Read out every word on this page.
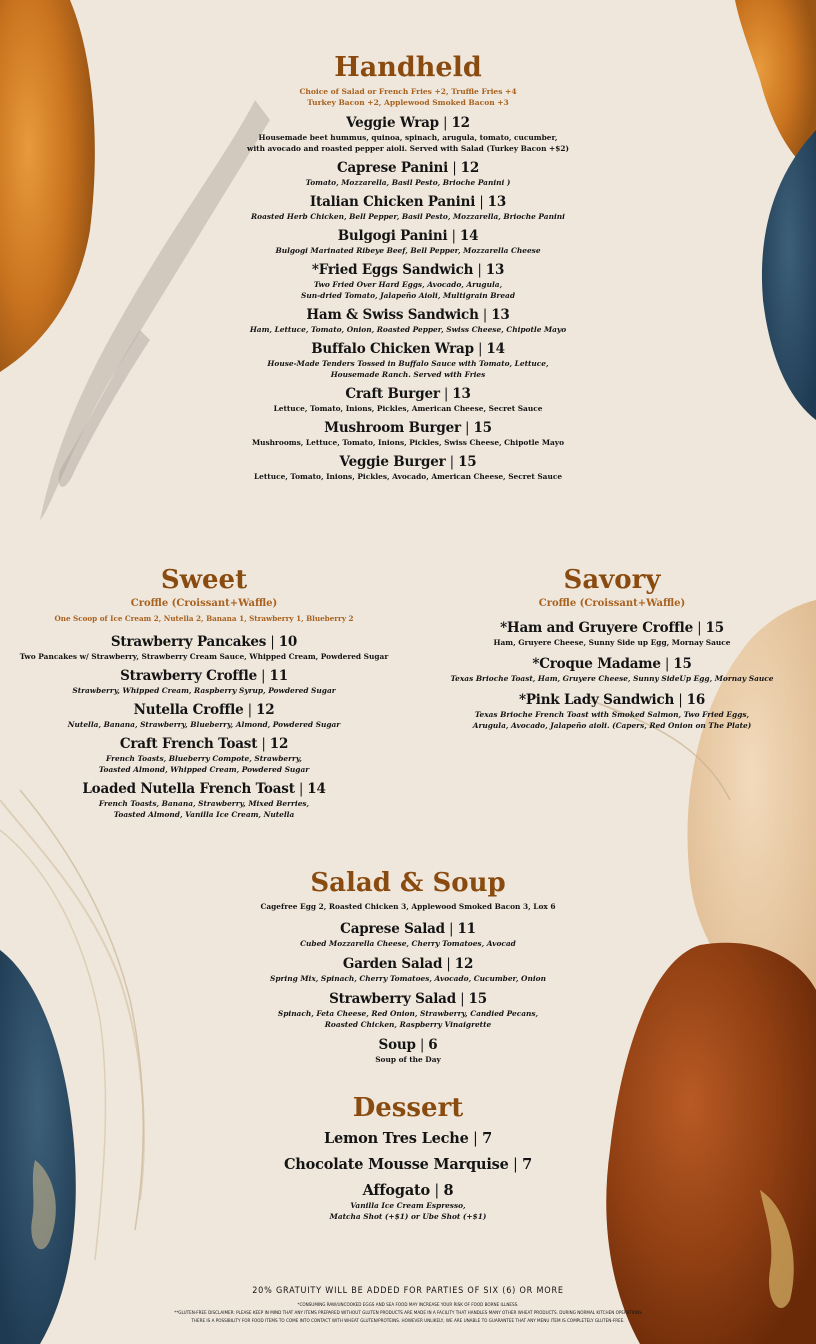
Handheld
Choice of Salad or French Fries +2, Truffle Fries +4
Turkey Bacon +2, Applewood Smoked Bacon +3
Veggie Wrap | 12
Housemade beet hummus, quinoa, spinach, arugula, tomato, cucumber,
with avocado and roasted pepper aioli. Served with Salad (Turkey Bacon +$2)
Caprese Panini | 12
Tomato, Mozzarella, Basil Pesto, Brioche Panini )
Italian Chicken Panini | 13
Roasted Herb Chicken, Bell Pepper, Basil Pesto, Mozzarella, Brioche Panini
Bulgogi Panini | 14
Bulgogi Marinated Ribeye Beef, Bell Pepper, Mozzarella Cheese
*Fried Eggs Sandwich | 13
Two Fried Over Hard Eggs, Avocado, Arugula,
Sun-dried Tomato, Jalapeño Aioli, Multigrain Bread
Ham & Swiss Sandwich | 13
Ham, Lettuce, Tomato, Onion, Roasted Pepper, Swiss Cheese, Chipotle Mayo
Buffalo Chicken Wrap | 14
House-Made Tenders Tossed in Buffalo Sauce with Tomato, Lettuce,
Housemade Ranch. Served with Fries
Craft Burger | 13
Lettuce, Tomato, Inions, Pickles, American Cheese, Secret Sauce
Mushroom Burger | 15
Mushrooms, Lettuce, Tomato, Inions, Pickles, Swiss Cheese, Chipotle Mayo
Veggie Burger | 15
Lettuce, Tomato, Inions, Pickles, Avocado, American Cheese, Secret Sauce
Sweet
Croffle (Croissant+Waffle)
One Scoop of Ice Cream 2, Nutella 2, Banana 1, Strawberry 1, Blueberry 2
Strawberry Pancakes | 10
Two Pancakes w/ Strawberry, Strawberry Cream Sauce, Whipped Cream, Powdered Sugar
Strawberry Croffle | 11
Strawberry, Whipped Cream, Raspberry Syrup, Powdered Sugar
Nutella Croffle | 12
Nutella, Banana, Strawberry, Blueberry, Almond, Powdered Sugar
Craft French Toast | 12
French Toasts, Blueberry Compote, Strawberry,
Toasted Almond, Whipped Cream, Powdered Sugar
Loaded Nutella French Toast | 14
French Toasts, Banana, Strawberry, Mixed Berries,
Toasted Almond, Vanilla Ice Cream, Nutella
Savory
Croffle (Croissant+Waffle)
*Ham and Gruyere Croffle | 15
Ham, Gruyere Cheese, Sunny Side up Egg, Mornay Sauce
*Croque Madame | 15
Texas Brioche Toast, Ham, Gruyere Cheese, Sunny SideUp Egg, Mornay Sauce
*Pink Lady Sandwich | 16
Texas Brioche French Toast with Smoked Salmon, Two Fried Eggs,
Arugula, Avocado, Jalapeño aioli. (Capers, Red Onion on The Plate)
Salad & Soup
Cagefree Egg 2, Roasted Chicken 3, Applewood Smoked Bacon 3, Lox 6
Caprese Salad | 11
Cubed Mozzarella Cheese, Cherry Tomatoes, Avocad
Garden Salad | 12
Spring Mix, Spinach, Cherry Tomatoes, Avocado, Cucumber, Onion
Strawberry Salad | 15
Spinach, Feta Cheese, Red Onion, Strawberry, Candied Pecans,
Roasted Chicken, Raspberry Vinaigrette
Soup | 6
Soup of the Day
Dessert
Lemon Tres Leche | 7
Chocolate Mousse Marquise | 7
Affogato | 8
Vanilla Ice Cream Espresso,
Matcha Shot (+$1) or Ube Shot (+$1)
20% GRATUITY WILL BE ADDED FOR PARTIES OF SIX (6) OR MORE
*CONSUMING RAW/UNCOOKED EGGS AND SEA FOOD MAY INCREASE YOUR RISK OF FOOD BORNE ILLNESS.
**GLUTEN-FREE DISCLAIMER: PLEASE KEEP IN MIND THAT ANY ITEMS PREPARED WITHOUT GLUTEN PRODUCTS ARE MADE IN A FACILITY THAT HANDLES MANY OTHER WHEAT PRODUCTS. DURING NORMAL KITCHEN OPERATIONS
THERE IS A POSSIBILITY FOR FOOD ITEMS TO COME INTO CONTACT WITH WHEAT GLUTEN/PROTEINS. HOWEVER UNLIKELY, WE ARE UNABLE TO GUARANTEE THAT ANY MENU ITEM IS COMPLETELY GLUTEN-FREE.
